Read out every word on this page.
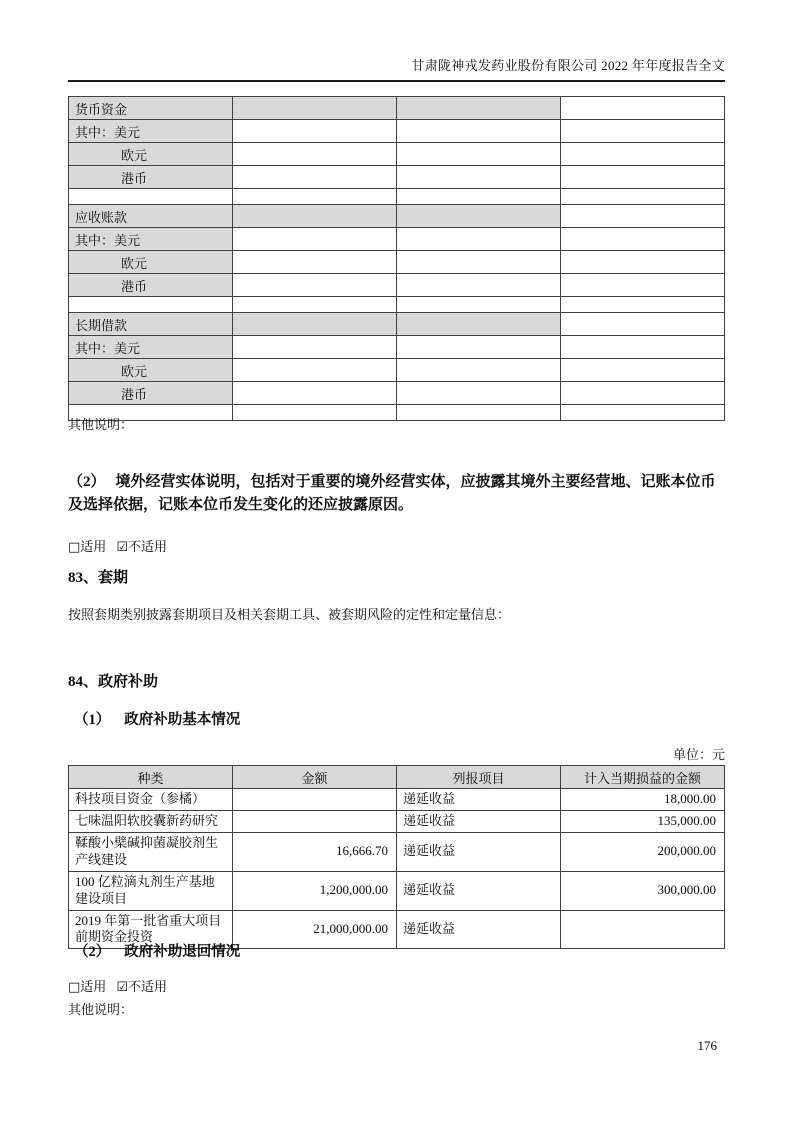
甘肃陇神戎发药业股份有限公司 2022 年年度报告全文
货币资金			
其中：美元			
欧元			
港币			

应收账款			
其中：美元			
欧元			
港币			

长期借款			
其中：美元			
欧元			
港币			

其他说明：
（2） 境外经营实体说明，包括对于重要的境外经营实体，应披露其境外主要经营地、记账本位币及选择依据，记账本位币发生变化的还应披露原因。
□适用 ☑不适用
83、套期
按照套期类别披露套期项目及相关套期工具、被套期风险的定性和定量信息：
84、政府补助
（1） 政府补助基本情况
单位：元
种类	金额	列报项目	计入当期损益的金额
科技项目资金（参橘）		递延收益	18,000.00
七味温阳软胶囊新药研究		递延收益	135,000.00
鞣酸小檗碱抑菌凝胶剂生产线建设	16,666.70	递延收益	200,000.00
100 亿粒滴丸剂生产基地建设项目	1,200,000.00	递延收益	300,000.00
2019 年第一批省重大项目前期资金投资	21,000,000.00	递延收益	
（2） 政府补助退回情况
□适用 ☑不适用
其他说明：
176
